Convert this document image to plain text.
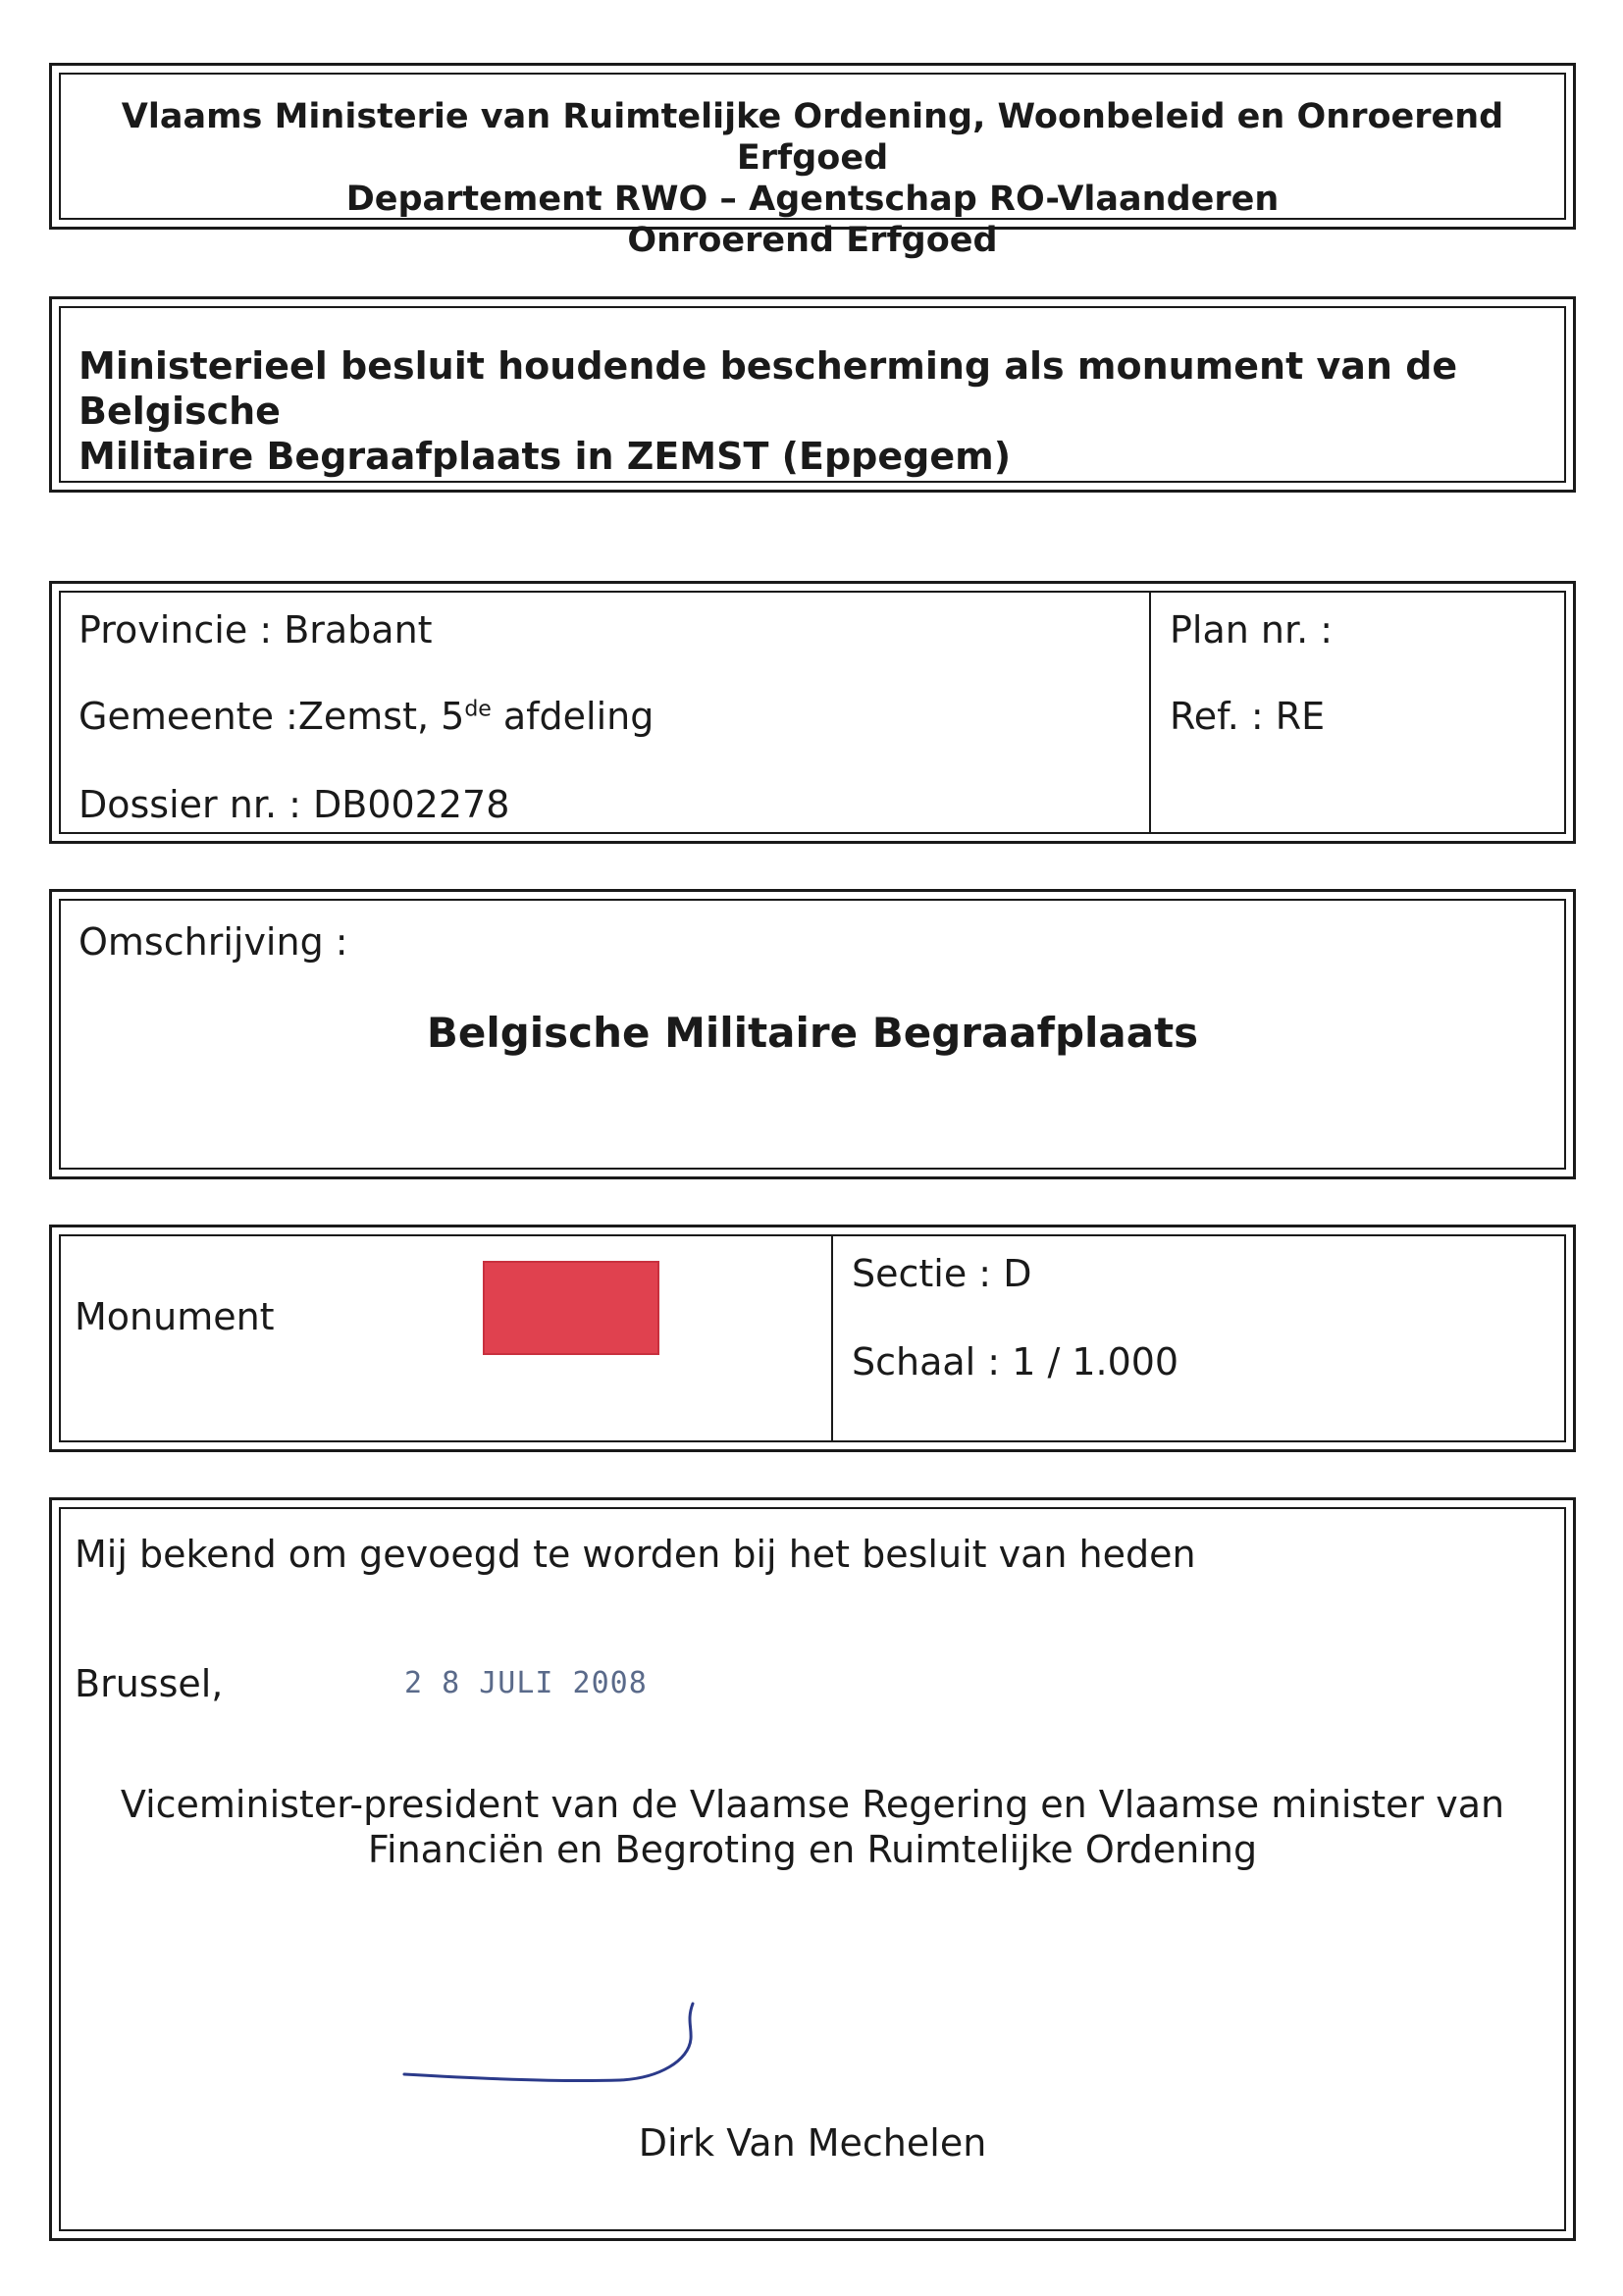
Vlaams Ministerie van Ruimtelijke Ordening, Woonbeleid en Onroerend Erfgoed
Departement RWO – Agentschap RO-Vlaanderen
Onroerend Erfgoed
Ministerieel besluit houdende bescherming als monument van de Belgische
Militaire Begraafplaats in ZEMST (Eppegem)
Provincie : Brabant
Gemeente :Zemst, 5de afdeling
Dossier nr. : DB002278
Plan nr. :
Ref. : RE
Omschrijving :
Belgische Militaire Begraafplaats
Monument
Sectie : D
Schaal : 1 / 1.000
Mij bekend om gevoegd te worden bij het besluit van heden
Brussel,	2 8 JULI 2008
Viceminister-president van de Vlaamse Regering en Vlaamse minister van
Financiën en Begroting en Ruimtelijke Ordening
Dirk Van Mechelen
